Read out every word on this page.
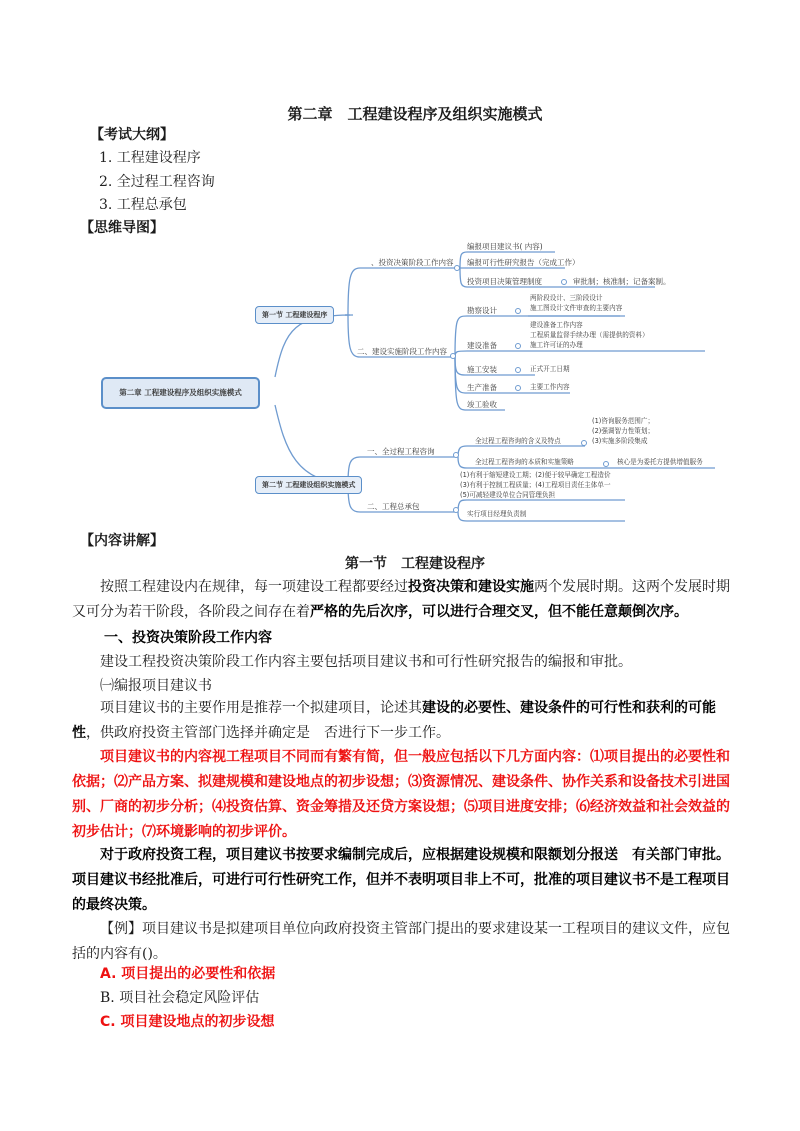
第二章　工程建设程序及组织实施模式
【考试大纲】
1. 工程建设程序
2. 全过程工程咨询
3. 工程总承包
【思维导图】
第二章 工程建设程序及组织实施模式
第一节 工程建设程序
、投资决策阶段工作内容
编报项目建议书( 内容)
编报可行性研究报告（完成工作）
投资项目决策管理制度	审批制；核准制；记备案制。
二、建设实施阶段工作内容
勘察设计
两阶段设计、三阶段设计
施工图设计文件审查的主要内容
建设准备
建设准备工作内容
工程质量监督手续办理（需提供的资料）
施工许可证的办理
施工安装	正式开工日期
生产准备	主要工作内容
竣工验收
第二节 工程建设组织实施模式
一、全过程工程咨询
全过程工程咨询的含义及特点
(1)咨询服务范围广；
(2)强调智力性策划；
(3)实施多阶段集成
全过程工程咨询的本质和实施策略	核心是为委托方提供增值服务
二、工程总承包
(1)有利于缩短建设工期；(2)便于较早确定工程造价
(3)有利于控制工程质量；(4)工程项目责任主体单一
(5)可减轻建设单位合同管理负担
实行项目经理负责制
【内容讲解】
第一节　工程建设程序
按照工程建设内在规律，每一项建设工程都要经过投资决策和建设实施两个发展时期。这两个发展时期又可分为若干阶段，各阶段之间存在着严格的先后次序，可以进行合理交叉，但不能任意颠倒次序。
一、投资决策阶段工作内容
建设工程投资决策阶段工作内容主要包括项目建议书和可行性研究报告的编报和审批。
㈠编报项目建议书
项目建议书的主要作用是推荐一个拟建项目，论述其建设的必要性、建设条件的可行性和获利的可能性，供政府投资主管部门选择并确定是　否进行下一步工作。
项目建议书的内容视工程项目不同而有繁有简，但一般应包括以下几方面内容：⑴项目提出的必要性和依据；⑵产品方案、拟建规模和建设地点的初步设想；⑶资源情况、建设条件、协作关系和设备技术引进国别、厂商的初步分析；⑷投资估算、资金筹措及还贷方案设想；⑸项目进度安排；⑹经济效益和社会效益的初步估计；⑺环境影响的初步评价。
对于政府投资工程，项目建议书按要求编制完成后，应根据建设规模和限额划分报送　有关部门审批。项目建议书经批准后，可进行可行性研究工作，但并不表明项目非上不可，批准的项目建议书不是工程项目的最终决策。
【例】项目建议书是拟建项目单位向政府投资主管部门提出的要求建设某一工程项目的建议文件，应包括的内容有()。
A. 项目提出的必要性和依据
B. 项目社会稳定风险评估
C. 项目建设地点的初步设想
